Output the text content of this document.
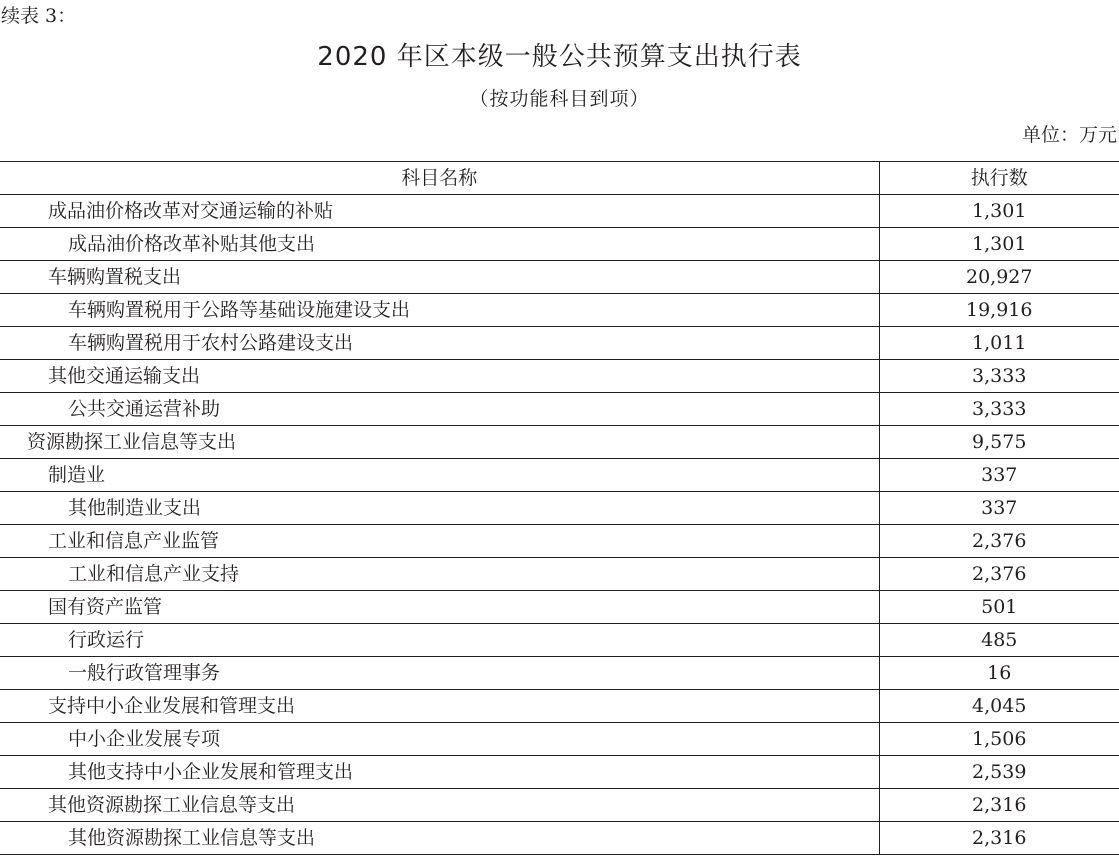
续表 3：
2020 年区本级一般公共预算支出执行表
（按功能科目到项）
单位：万元
科目名称	执行数
成品油价格改革对交通运输的补贴	1,301
成品油价格改革补贴其他支出	1,301
车辆购置税支出	20,927
车辆购置税用于公路等基础设施建设支出	19,916
车辆购置税用于农村公路建设支出	1,011
其他交通运输支出	3,333
公共交通运营补助	3,333
资源勘探工业信息等支出	9,575
制造业	337
其他制造业支出	337
工业和信息产业监管	2,376
工业和信息产业支持	2,376
国有资产监管	501
行政运行	485
一般行政管理事务	16
支持中小企业发展和管理支出	4,045
中小企业发展专项	1,506
其他支持中小企业发展和管理支出	2,539
其他资源勘探工业信息等支出	2,316
其他资源勘探工业信息等支出	2,316
